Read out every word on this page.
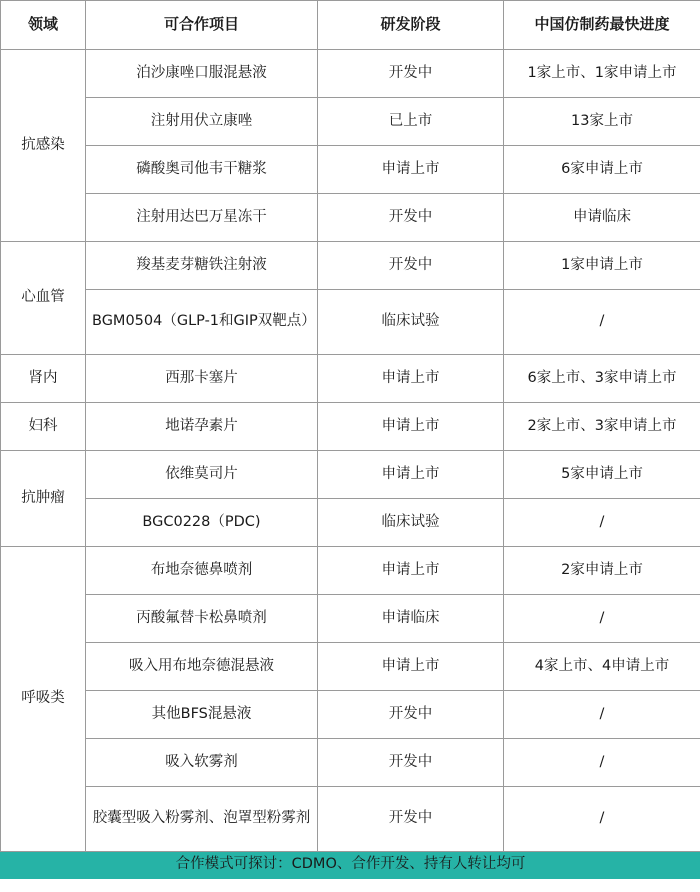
领域	可合作项目	研发阶段	中国仿制药最快进度
抗感染	泊沙康唑口服混悬液	开发中	1家上市、1家申请上市
	注射用伏立康唑	已上市	13家上市
	磷酸奥司他韦干糖浆	申请上市	6家申请上市
	注射用达巴万星冻干	开发中	申请临床
心血管	羧基麦芽糖铁注射液	开发中	1家申请上市
	BGM0504（GLP-1和GIP双靶点）	临床试验	/
肾内	西那卡塞片	申请上市	6家上市、3家申请上市
妇科	地诺孕素片	申请上市	2家上市、3家申请上市
抗肿瘤	依维莫司片	申请上市	5家申请上市
	BGC0228（PDC)	临床试验	/
呼吸类	布地奈德鼻喷剂	申请上市	2家申请上市
	丙酸氟替卡松鼻喷剂	申请临床	/
	吸入用布地奈德混悬液	申请上市	4家上市、4申请上市
	其他BFS混悬液	开发中	/
	吸入软雾剂	开发中	/
	胶囊型吸入粉雾剂、泡罩型粉雾剂	开发中	/
合作模式可探讨：CDMO、合作开发、持有人转让均可			
